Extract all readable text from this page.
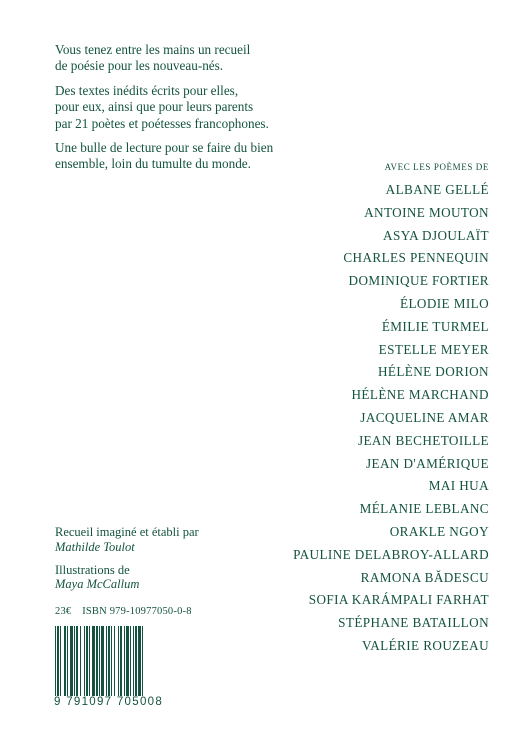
Vous tenez entre les mains un recueil
de poésie pour les nouveau-nés.

Des textes inédits écrits pour elles,
pour eux, ainsi que pour leurs parents
par 21 poètes et poétesses francophones.

Une bulle de lecture pour se faire du bien
ensemble, loin du tumulte du monde.	AVEC LES POÈMES DE
ALBANE GELLÉ
ANTOINE MOUTON
ASYA DJOULAÏT
CHARLES PENNEQUIN
DOMINIQUE FORTIER
ÉLODIE MILO
ÉMILIE TURMEL
ESTELLE MEYER
HÉLÈNE DORION
HÉLÈNE MARCHAND
JACQUELINE AMAR
JEAN BECHETOILLE
JEAN D'AMÉRIQUE
MAI HUA
MÉLANIE LEBLANC
ORAKLE NGOY
PAULINE DELABROY-ALLARD
RAMONA BĂDESCU
SOFIA KARÁMPALI FARHAT
STÉPHANE BATAILLON
VALÉRIE ROUZEAU
Recueil imaginé et établi par
Mathilde Toulot
Illustrations de
Maya McCallum
23€ ISBN 979-10977050-0-8
9 791097 705008
